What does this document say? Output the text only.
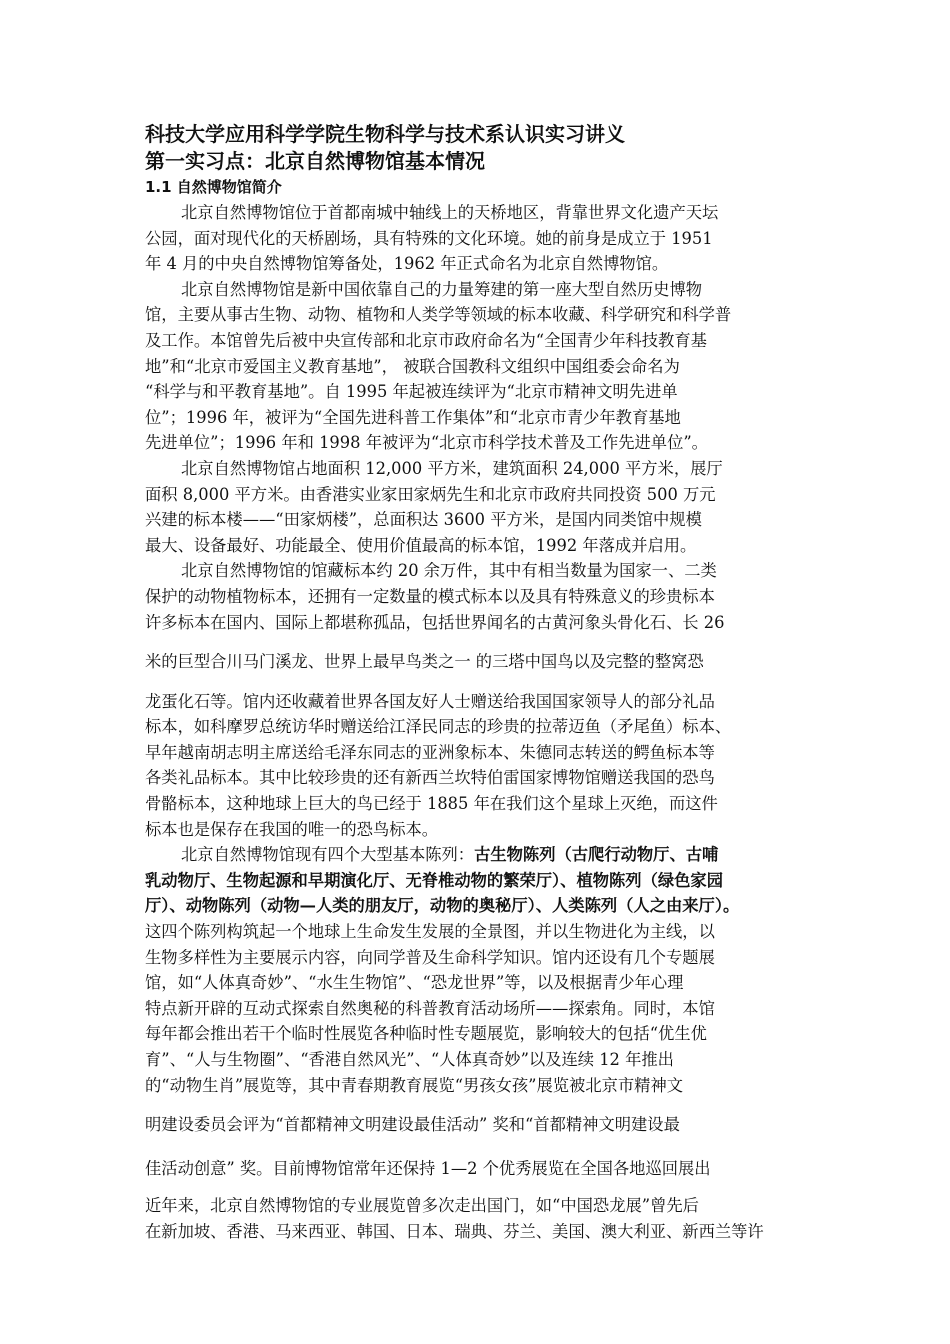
科技大学应用科学学院生物科学与技术系认识实习讲义
第一实习点：北京自然博物馆基本情况
1.1 自然博物馆简介
北京自然博物馆位于首都南城中轴线上的天桥地区，背靠世界文化遗产天坛
公园，面对现代化的天桥剧场，具有特殊的文化环境。她的前身是成立于 1951
年 4 月的中央自然博物馆筹备处，1962 年正式命名为北京自然博物馆。
北京自然博物馆是新中国依靠自己的力量筹建的第一座大型自然历史博物
馆，主要从事古生物、动物、植物和人类学等领域的标本收藏、科学研究和科学普
及工作。本馆曾先后被中央宣传部和北京市政府命名为“全国青少年科技教育基
地”和“北京市爱国主义教育基地”， 被联合国教科文组织中国组委会命名为
“科学与和平教育基地”。自 1995 年起被连续评为“北京市精神文明先进单
位”；1996 年，被评为“全国先进科普工作集体”和“北京市青少年教育基地
先进单位”；1996 年和 1998 年被评为“北京市科学技术普及工作先进单位”。
北京自然博物馆占地面积 12,000 平方米，建筑面积 24,000 平方米，展厅
面积 8,000 平方米。由香港实业家田家炳先生和北京市政府共同投资 500 万元
兴建的标本楼——“田家炳楼”，总面积达 3600 平方米，是国内同类馆中规模
最大、设备最好、功能最全、使用价值最高的标本馆，1992 年落成并启用。
北京自然博物馆的馆藏标本约 20 余万件，其中有相当数量为国家一、二类
保护的动物植物标本，还拥有一定数量的模式标本以及具有特殊意义的珍贵标本
许多标本在国内、国际上都堪称孤品，包括世界闻名的古黄河象头骨化石、长 26
米的巨型合川马门溪龙、世界上最早鸟类之一 的三塔中国鸟以及完整的整窝恐
龙蛋化石等。馆内还收藏着世界各国友好人士赠送给我国国家领导人的部分礼品
标本，如科摩罗总统访华时赠送给江泽民同志的珍贵的拉蒂迈鱼（矛尾鱼）标本、
早年越南胡志明主席送给毛泽东同志的亚洲象标本、朱德同志转送的鳄鱼标本等
各类礼品标本。其中比较珍贵的还有新西兰坎特伯雷国家博物馆赠送我国的恐鸟
骨骼标本，这种地球上巨大的鸟已经于 1885 年在我们这个星球上灭绝，而这件
标本也是保存在我国的唯一的恐鸟标本。
北京自然博物馆现有四个大型基本陈列：古生物陈列（古爬行动物厅、古哺
乳动物厅、生物起源和早期演化厅、无脊椎动物的繁荣厅）、植物陈列（绿色家园
厅）、动物陈列（动物—人类的朋友厅，动物的奥秘厅）、人类陈列（人之由来厅）。
这四个陈列构筑起一个地球上生命发生发展的全景图，并以生物进化为主线，以
生物多样性为主要展示内容，向同学普及生命科学知识。馆内还设有几个专题展
馆，如“人体真奇妙”、“水生生物馆”、“恐龙世界”等，以及根据青少年心理
特点新开辟的互动式探索自然奥秘的科普教育活动场所——探索角。同时，本馆
每年都会推出若干个临时性展览各种临时性专题展览，影响较大的包括“优生优
育”、“人与生物圈”、“香港自然风光”、“人体真奇妙”以及连续 12 年推出
的“动物生肖”展览等，其中青春期教育展览“男孩女孩”展览被北京市精神文
明建设委员会评为“首都精神文明建设最佳活动” 奖和“首都精神文明建设最
佳活动创意” 奖。目前博物馆常年还保持 1—2 个优秀展览在全国各地巡回展出
近年来，北京自然博物馆的专业展览曾多次走出国门，如“中国恐龙展”曾先后
在新加坡、香港、马来西亚、韩国、日本、瑞典、芬兰、美国、澳大利亚、新西兰等许
